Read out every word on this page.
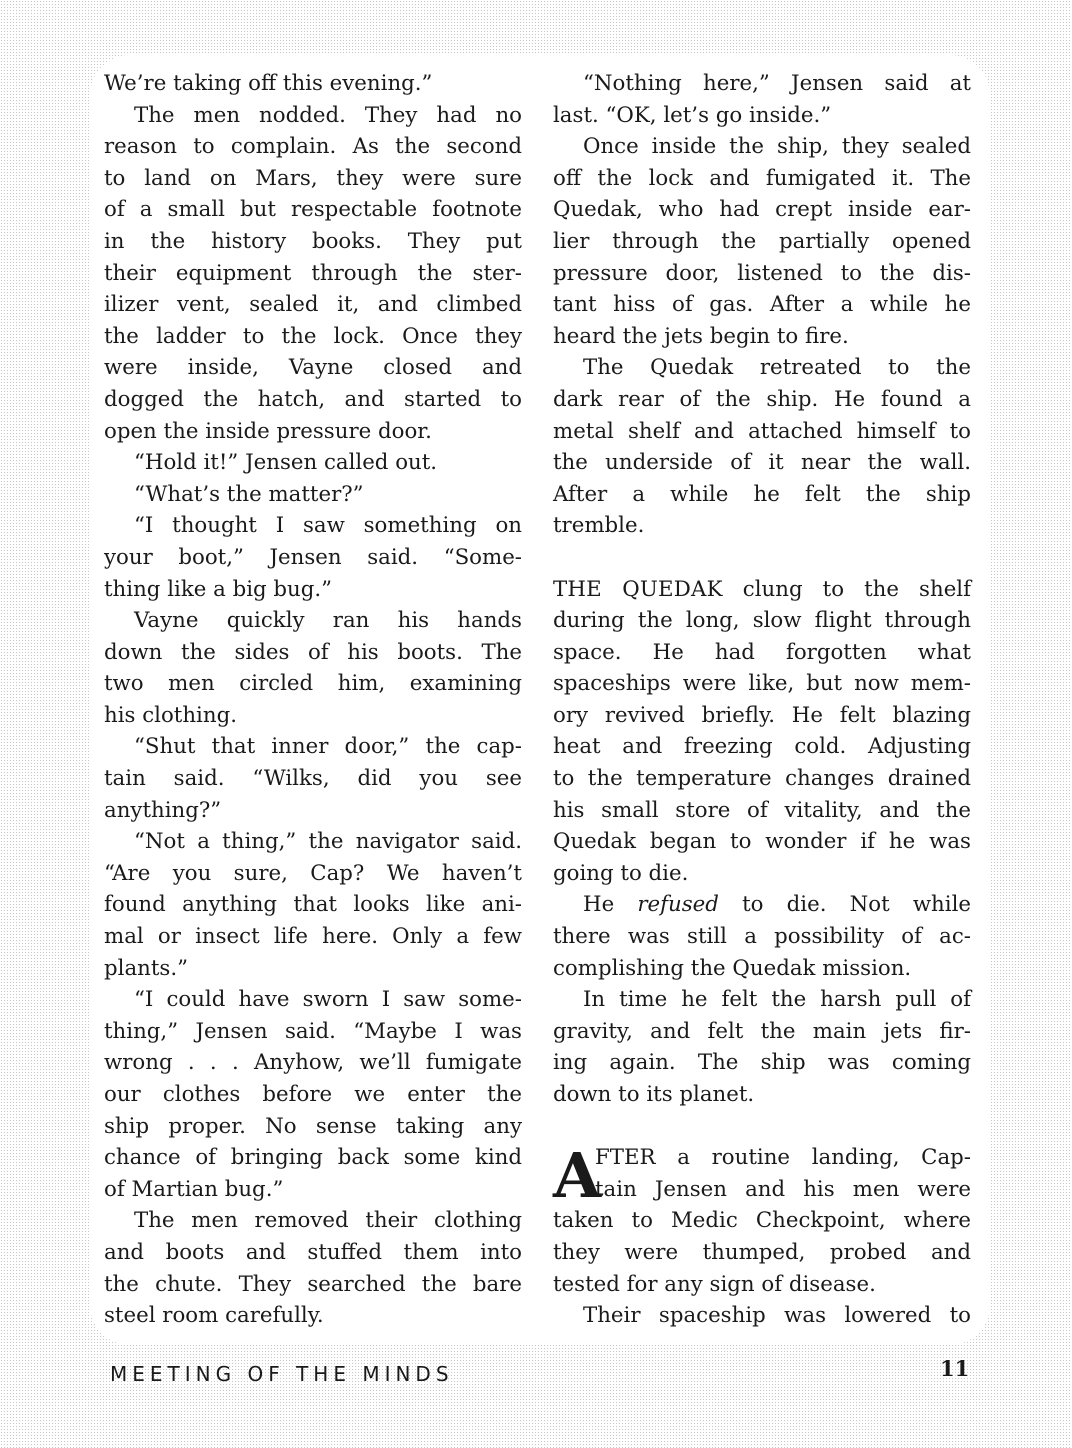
We’re taking off this evening.”
The men nodded. They had no
reason to complain. As the second
to land on Mars, they were sure
of a small but respectable footnote
in the history books. They put
their equipment through the ster-
ilizer vent, sealed it, and climbed
the ladder to the lock. Once they
were inside, Vayne closed and
dogged the hatch, and started to
open the inside pressure door.
“Hold it!” Jensen called out.
“What’s the matter?”
“I thought I saw something on
your boot,” Jensen said. “Some-
thing like a big bug.”
Vayne quickly ran his hands
down the sides of his boots. The
two men circled him, examining
his clothing.
“Shut that inner door,” the cap-
tain said. “Wilks, did you see
anything?”
“Not a thing,” the navigator said.
“Are you sure, Cap? We haven’t
found anything that looks like ani-
mal or insect life here. Only a few
plants.”
“I could have sworn I saw some-
thing,” Jensen said. “Maybe I was
wrong . . . Anyhow, we’ll fumigate
our clothes before we enter the
ship proper. No sense taking any
chance of bringing back some kind
of Martian bug.”
The men removed their clothing
and boots and stuffed them into
the chute. They searched the bare
steel room carefully.
“Nothing here,” Jensen said at
last. “OK, let’s go inside.”
Once inside the ship, they sealed
off the lock and fumigated it. The
Quedak, who had crept inside ear-
lier through the partially opened
pressure door, listened to the dis-
tant hiss of gas. After a while he
heard the jets begin to fire.
The Quedak retreated to the
dark rear of the ship. He found a
metal shelf and attached himself to
the underside of it near the wall.
After a while he felt the ship
tremble.
THE QUEDAK clung to the shelf
during the long, slow flight through
space. He had forgotten what
spaceships were like, but now mem-
ory revived briefly. He felt blazing
heat and freezing cold. Adjusting
to the temperature changes drained
his small store of vitality, and the
Quedak began to wonder if he was
going to die.
He refused to die. Not while
there was still a possibility of ac-
complishing the Quedak mission.
In time he felt the harsh pull of
gravity, and felt the main jets fir-
ing again. The ship was coming
down to its planet.
A
FTER a routine landing, Cap-
tain Jensen and his men were
taken to Medic Checkpoint, where
they were thumped, probed and
tested for any sign of disease.
Their spaceship was lowered to
MEETING OF THE MINDS	11
